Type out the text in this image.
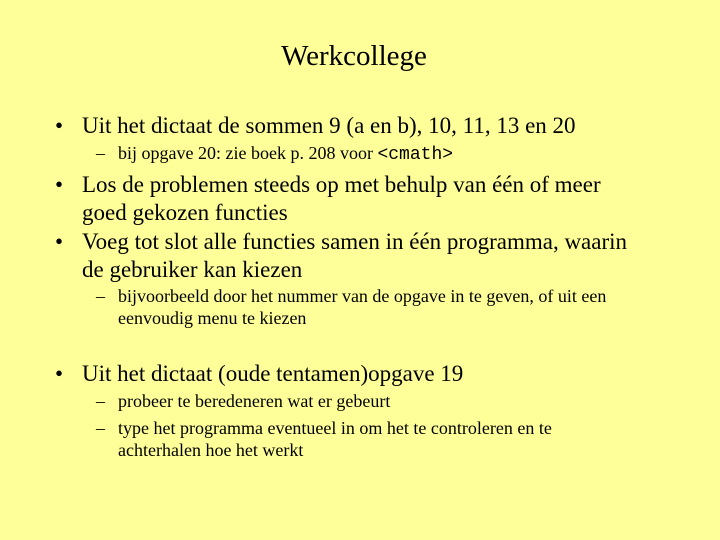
Werkcollege
• Uit het dictaat de sommen 9 (a en b), 10, 11, 13 en 20
– bij opgave 20: zie boek p. 208 voor <cmath>
• Los de problemen steeds op met behulp van één of meer
goed gekozen functies
• Voeg tot slot alle functies samen in één programma, waarin
de gebruiker kan kiezen
– bijvoorbeeld door het nummer van de opgave in te geven, of uit een
eenvoudig menu te kiezen
• Uit het dictaat (oude tentamen)opgave 19
– probeer te beredeneren wat er gebeurt
– type het programma eventueel in om het te controleren en te
achterhalen hoe het werkt
